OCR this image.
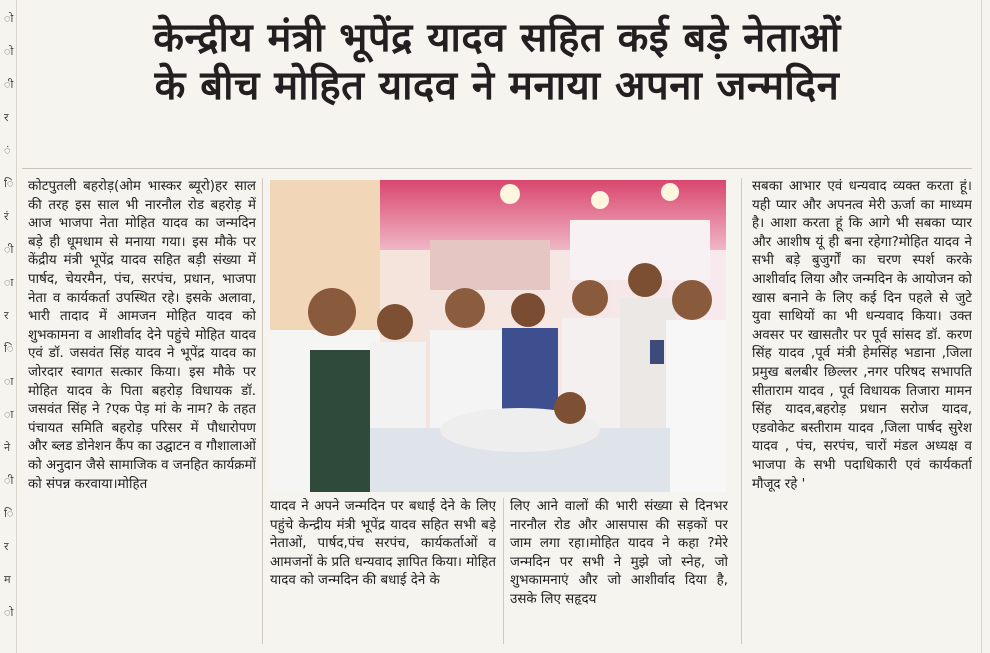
ो
ो
ी
र
ं
ि
रं
ी
ा
र
ि
ा
ा
ने
ी
ि
र
म
ो
केन्द्रीय मंत्री भूपेंद्र यादव सहित कई बड़े नेताओं
के बीच मोहित यादव ने मनाया अपना जन्मदिन
कोटपुतली बहरोड़(ओम भास्कर ब्यूरो)हर साल की तरह इस साल भी नारनौल रोड बहरोड़ में आज भाजपा नेता मोहित यादव का जन्मदिन बड़े ही धूमधाम से मनाया गया। इस मौके पर केंद्रीय मंत्री भूपेंद्र यादव सहित बड़ी संख्या में पार्षद, चेयरमैन, पंच, सरपंच, प्रधान, भाजपा नेता व कार्यकर्ता उपस्थित रहे। इसके अलावा, भारी तादाद में आमजन मोहित यादव को शुभकामना व आशीर्वाद देने पहुंचे मोहित यादव एवं डॉ. जसवंत सिंह यादव ने भूपेंद्र यादव का जोरदार स्वागत सत्कार किया। इस मौके पर मोहित यादव के पिता बहरोड़ विधायक डॉ. जसवंत सिंह ने ?एक पेड़ मां के नाम? के तहत पंचायत समिति बहरोड़ परिसर में पौधारोपण और ब्लड डोनेशन कैंप का उद्घाटन व गौशालाओं को अनुदान जैसे सामाजिक व जनहित कार्यक्रमों को संपन्न करवाया।मोहित
यादव ने अपने जन्मदिन पर बधाई देने के लिए पहुंचे केन्द्रीय मंत्री भूपेंद्र यादव सहित सभी बड़े नेताओं, पार्षद,पंच सरपंच, कार्यकर्ताओं व आमजनों के प्रति धन्यवाद ज्ञापित किया। मोहित यादव को जन्मदिन की बधाई देने के
लिए आने वालों की भारी संख्या से दिनभर नारनौल रोड और आसपास की सड़कों पर जाम लगा रहा।मोहित यादव ने कहा ?मेरे जन्मदिन पर सभी ने मुझे जो स्नेह, जो शुभकामनाएं और जो आशीर्वाद दिया है, उसके लिए सहृदय
सबका आभार एवं धन्यवाद व्यक्त करता हूं। यही प्यार और अपनत्व मेरी ऊर्जा का माध्यम है। आशा करता हूं कि आगे भी सबका प्यार और आशीष यूं ही बना रहेगा?मोहित यादव ने सभी बड़े बुजुर्गों का चरण स्पर्श करके आशीर्वाद लिया और जन्मदिन के आयोजन को खास बनाने के लिए कई दिन पहले से जुटे युवा साथियों का भी धन्यवाद किया। उक्त अवसर पर खासतौर पर पूर्व सांसद डॉ. करण सिंह यादव ,पूर्व मंत्री हेमसिंह भडाना ,जिला प्रमुख बलबीर छिल्लर ,नगर परिषद सभापति सीताराम यादव , पूर्व विधायक तिजारा मामन सिंह यादव,बहरोड़ प्रधान सरोज यादव, एडवोकेट बस्तीराम यादव ,जिला पार्षद सुरेश यादव , पंच, सरपंच, चारों मंडल अध्यक्ष व भाजपा के सभी पदाधिकारी एवं कार्यकर्ता मौजूद रहे '
